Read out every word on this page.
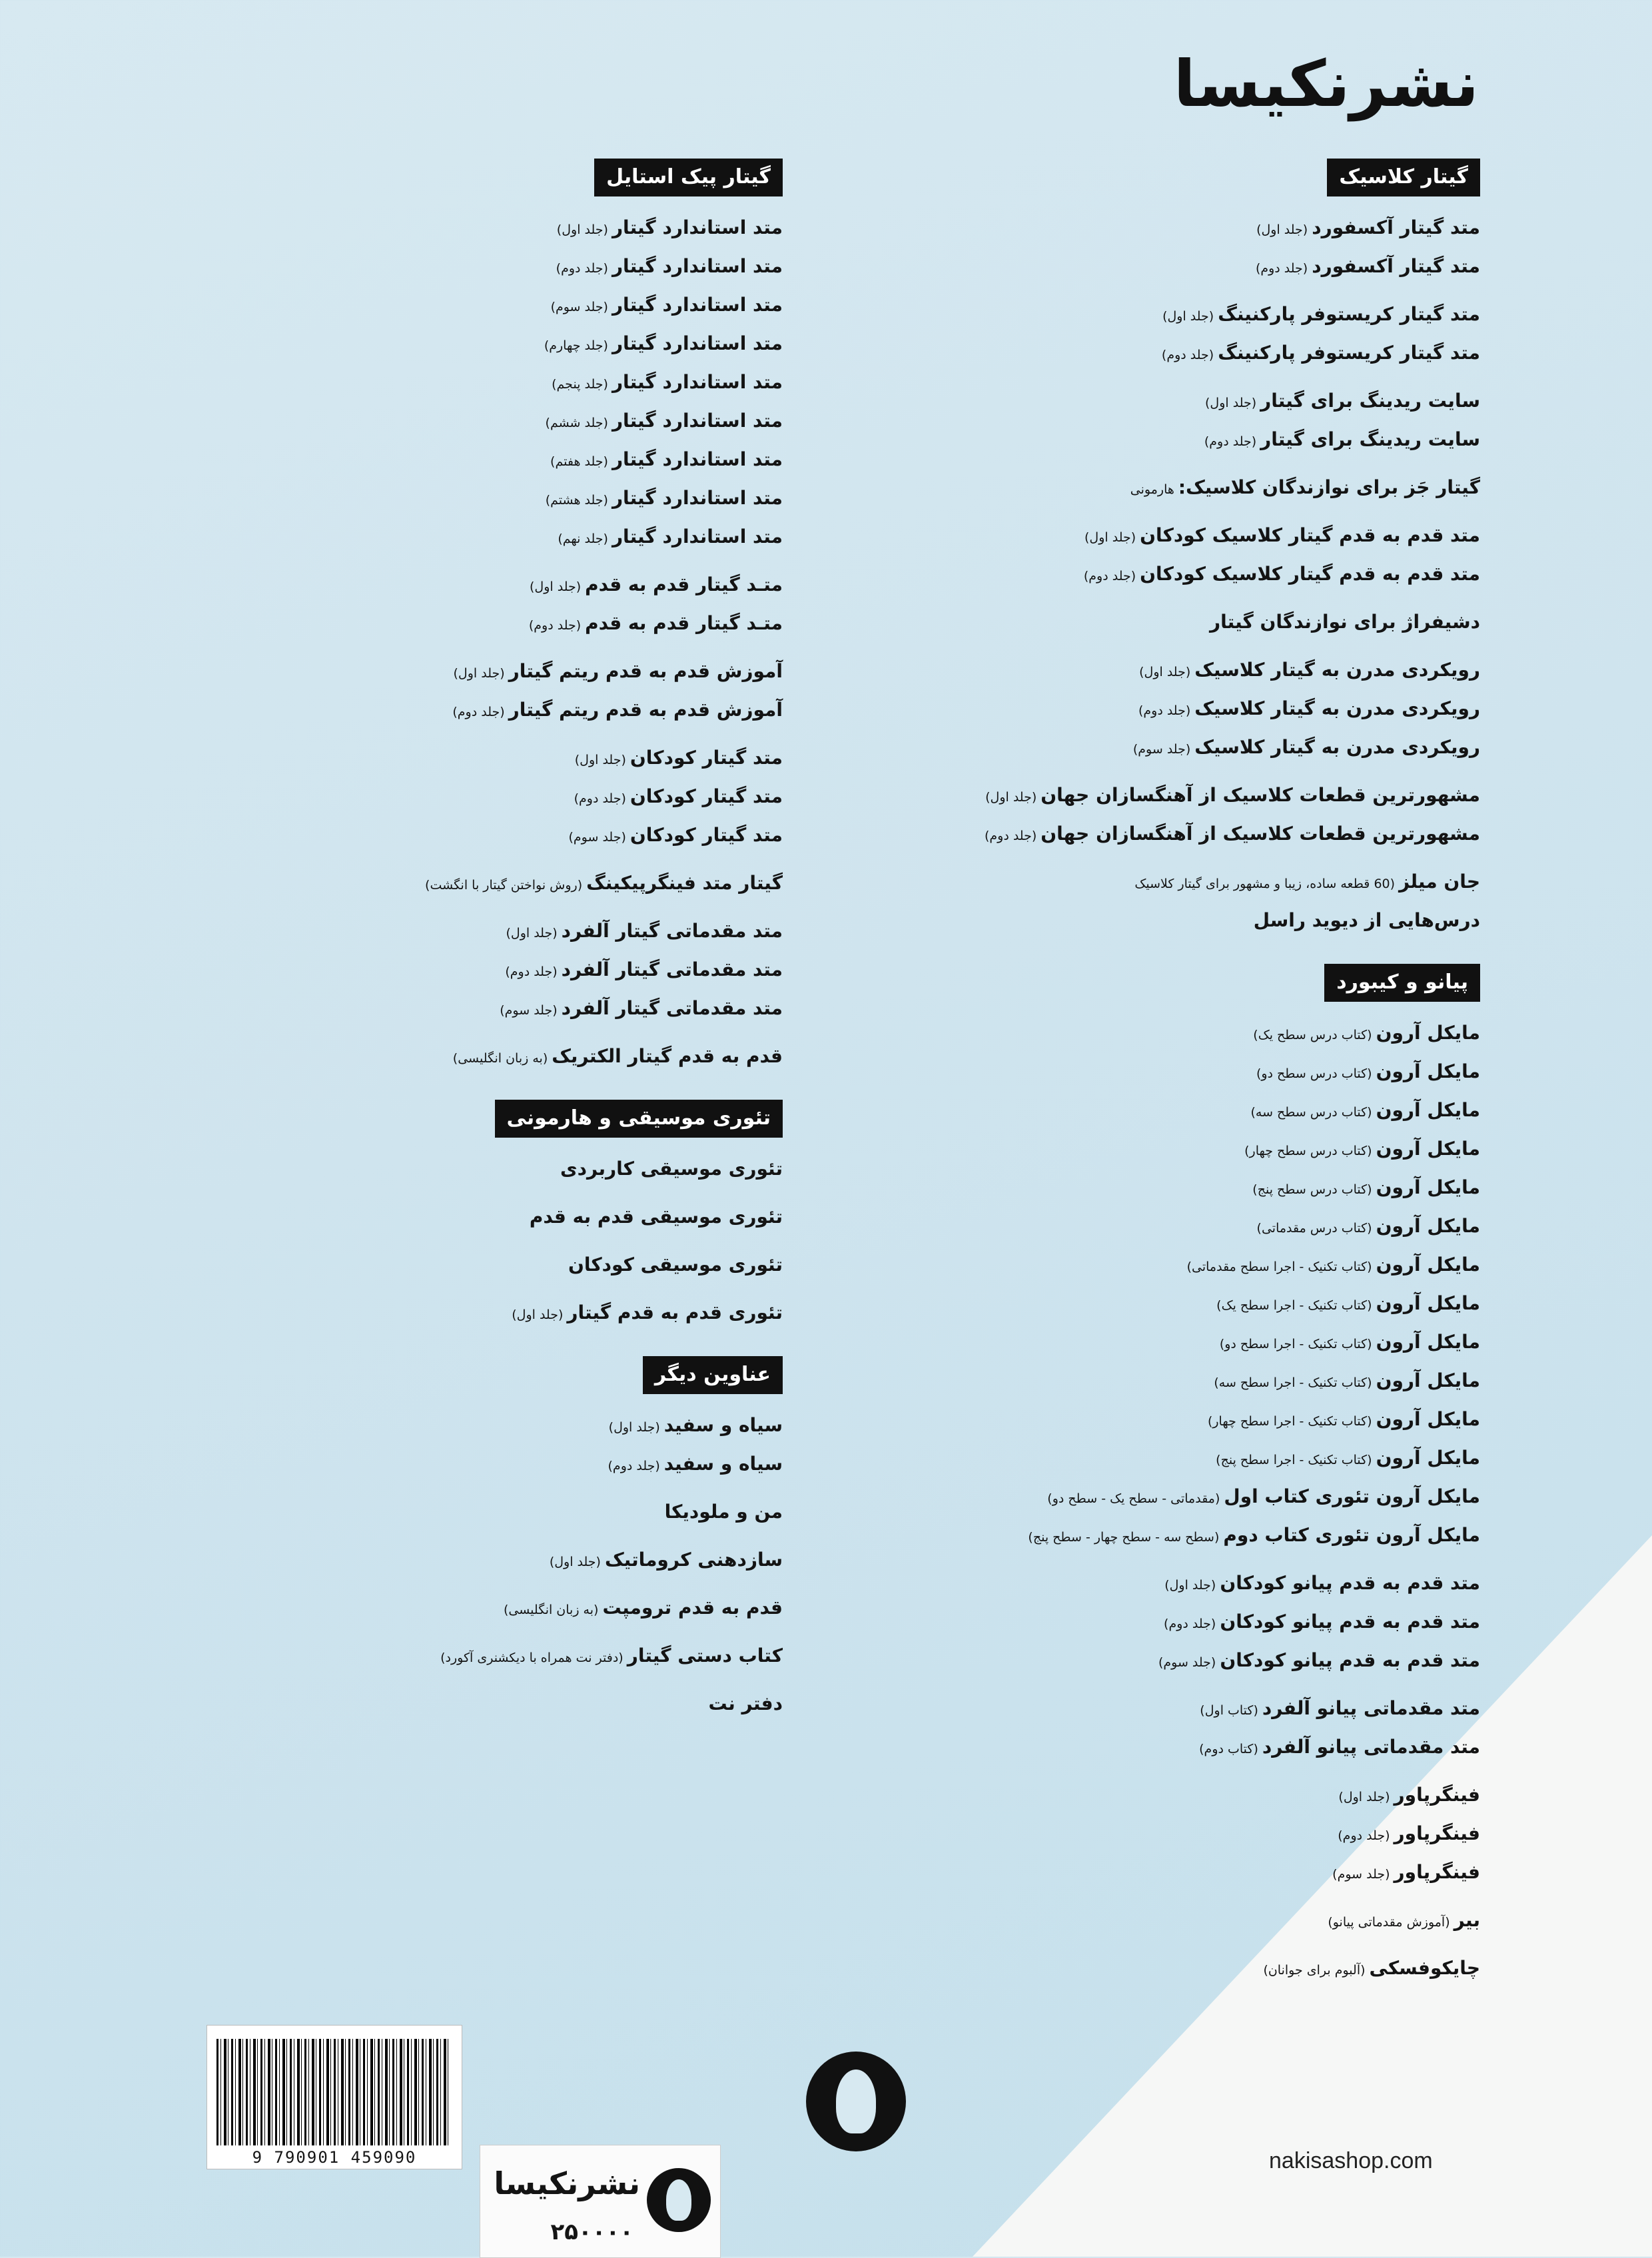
نشرنکیسا
گیتار کلاسیک
متد گیتار آکسفورد(جلد اول)
متد گیتار آکسفورد(جلد دوم)
متد گیتار کریستوفر پارکنینگ(جلد اول)
متد گیتار کریستوفر پارکنینگ(جلد دوم)
سایت ریدینگ برای گیتار(جلد اول)
سایت ریدینگ برای گیتار(جلد دوم)
گیتار جَز برای نوازندگان کلاسیک:هارمونی
متد قدم به قدم گیتار کلاسیک کودکان(جلد اول)
متد قدم به قدم گیتار کلاسیک کودکان(جلد دوم)
دشیفراژ برای نوازندگان گیتار
رویکردی مدرن به گیتار کلاسیک(جلد اول)
رویکردی مدرن به گیتار کلاسیک(جلد دوم)
رویکردی مدرن به گیتار کلاسیک(جلد سوم)
مشهورترین قطعات کلاسیک از آهنگسازان جهان(جلد اول)
مشهورترین قطعات کلاسیک از آهنگسازان جهان(جلد دوم)
جان میلز(60 قطعه ساده، زیبا و مشهور برای گیتار کلاسیک
درس‌هایی از دیوید راسل
پیانو و کیبورد
مایکل آرون(کتاب درس سطح یک)
مایکل آرون(کتاب درس سطح دو)
مایکل آرون(کتاب درس سطح سه)
مایکل آرون(کتاب درس سطح چهار)
مایکل آرون(کتاب درس سطح پنج)
مایکل آرون(کتاب درس مقدماتی)
مایکل آرون(کتاب تکنیک - اجرا سطح مقدماتی)
مایکل آرون(کتاب تکنیک - اجرا سطح یک)
مایکل آرون(کتاب تکنیک - اجرا سطح دو)
مایکل آرون(کتاب تکنیک - اجرا سطح سه)
مایکل آرون(کتاب تکنیک - اجرا سطح چهار)
مایکل آرون(کتاب تکنیک - اجرا سطح پنج)
مایکل آرون تئوری کتاب اول(مقدماتی - سطح یک - سطح دو)
مایکل آرون تئوری کتاب دوم(سطح سه - سطح چهار - سطح پنج)
متد قدم به قدم پیانو کودکان(جلد اول)
متد قدم به قدم پیانو کودکان(جلد دوم)
متد قدم به قدم پیانو کودکان(جلد سوم)
متد مقدماتی پیانو آلفرد(کتاب اول)
متد مقدماتی پیانو آلفرد(کتاب دوم)
فینگرپاور(جلد اول)
فینگرپاور(جلد دوم)
فینگرپاور(جلد سوم)
بیر(آموزش مقدماتی پیانو)
چایکوفسکی(آلبوم برای جوانان)
گیتار پیک استایل
متد استاندارد گیتار(جلد اول)
متد استاندارد گیتار(جلد دوم)
متد استاندارد گیتار(جلد سوم)
متد استاندارد گیتار(جلد چهارم)
متد استاندارد گیتار(جلد پنجم)
متد استاندارد گیتار(جلد ششم)
متد استاندارد گیتار(جلد هفتم)
متد استاندارد گیتار(جلد هشتم)
متد استاندارد گیتار(جلد نهم)
متـد گیتار قدم به قدم(جلد اول)
متـد گیتار قدم به قدم(جلد دوم)
آموزش قدم به قدم ریتم گیتار(جلد اول)
آموزش قدم به قدم ریتم گیتار(جلد دوم)
متد گیتار کودکان(جلد اول)
متد گیتار کودکان(جلد دوم)
متد گیتار کودکان(جلد سوم)
گیتار متد فینگرپیکینگ(روش نواختن گیتار با انگشت)
متد مقدماتی گیتار آلفرد(جلد اول)
متد مقدماتی گیتار آلفرد(جلد دوم)
متد مقدماتی گیتار آلفرد(جلد سوم)
قدم به قدم گیتار الکتریک(به زبان انگلیسی)
تئوری موسیقی و هارمونی
تئوری موسیقی کاربردی
تئوری موسیقی قدم به قدم
تئوری موسیقی کودکان
تئوری قدم به قدم گیتار(جلد اول)
عناوین دیگر
سیاه و سفید(جلد اول)
سیاه و سفید(جلد دوم)
من و ملودیکا
سازدهنی کروماتیک(جلد اول)
قدم به قدم ترومپت(به زبان انگلیسی)
کتاب دستی گیتار(دفتر نت همراه با دیکشنری آکورد)
دفتر نت
9 790901 459090
نشرنکیسا
۲۵۰۰۰۰
nakisashop.com
